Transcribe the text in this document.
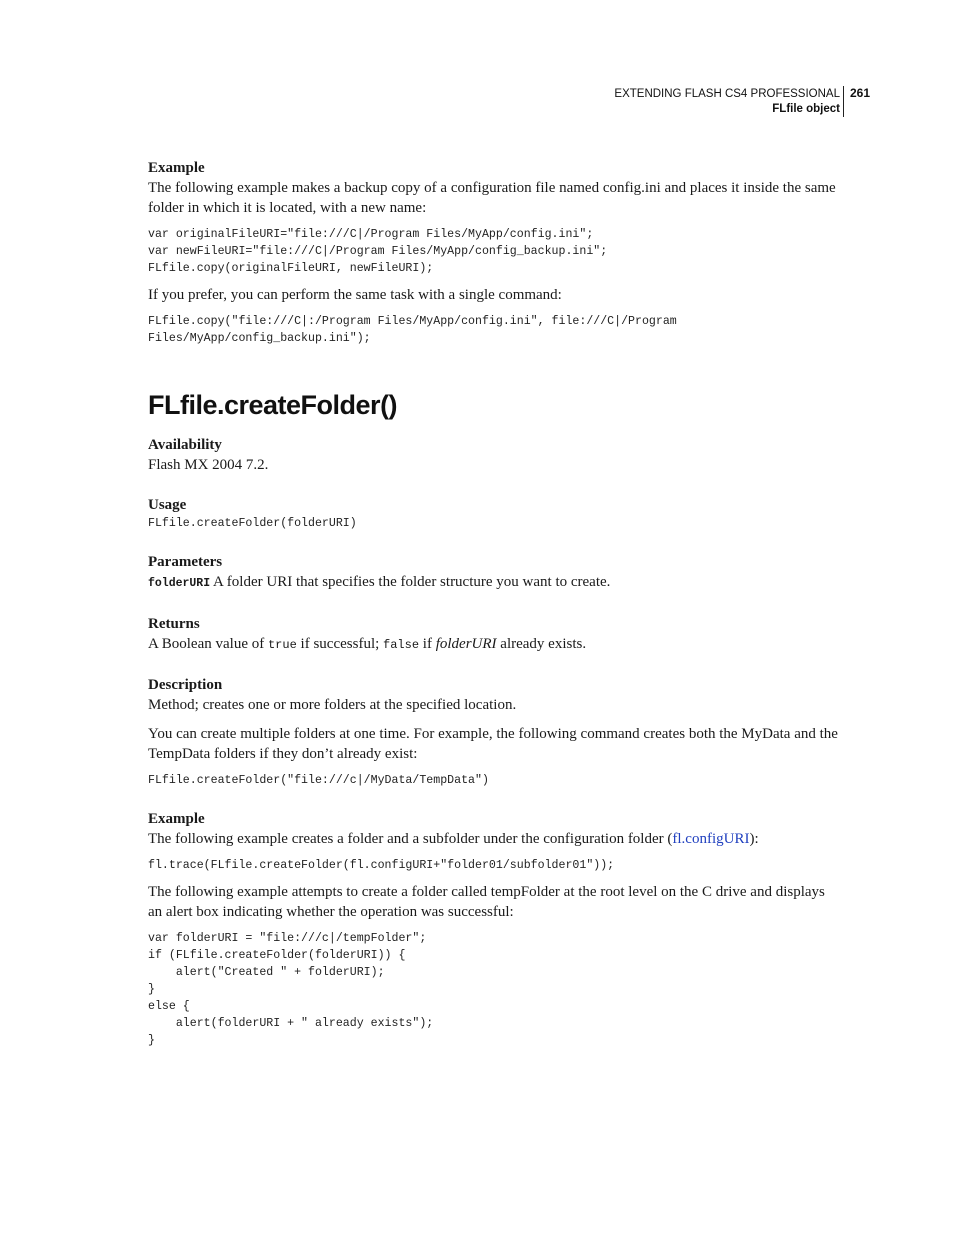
EXTENDING FLASH CS4 PROFESSIONAL
FLfile object
261

Example

The following example makes a backup copy of a configuration file named config.ini and places it inside the same folder in which it is located, with a new name:

var originalFileURI="file:///C|/Program Files/MyApp/config.ini";
var newFileURI="file:///C|/Program Files/MyApp/config_backup.ini";
FLfile.copy(originalFileURI, newFileURI);

If you prefer, you can perform the same task with a single command:

FLfile.copy("file:///C|:/Program Files/MyApp/config.ini", file:///C|/Program
Files/MyApp/config_backup.ini");
FLfile.createFolder()

Availability

Flash MX 2004 7.2.

Usage

FLfile.createFolder(folderURI)

Parameters

folderURI A folder URI that specifies the folder structure you want to create.

Returns

A Boolean value of true if successful; false if folderURI already exists.

Description

Method; creates one or more folders at the specified location.

You can create multiple folders at one time. For example, the following command creates both the MyData and the TempData folders if they don’t already exist:

FLfile.createFolder("file:///c|/MyData/TempData")

Example

The following example creates a folder and a subfolder under the configuration folder (fl.configURI):

fl.trace(FLfile.createFolder(fl.configURI+"folder01/subfolder01"));

The following example attempts to create a folder called tempFolder at the root level on the C drive and displays an alert box indicating whether the operation was successful:

var folderURI = "file:///c|/tempFolder";
if (FLfile.createFolder(folderURI)) {
alert("Created " + folderURI);
}
else {
alert(folderURI + " already exists");
}
